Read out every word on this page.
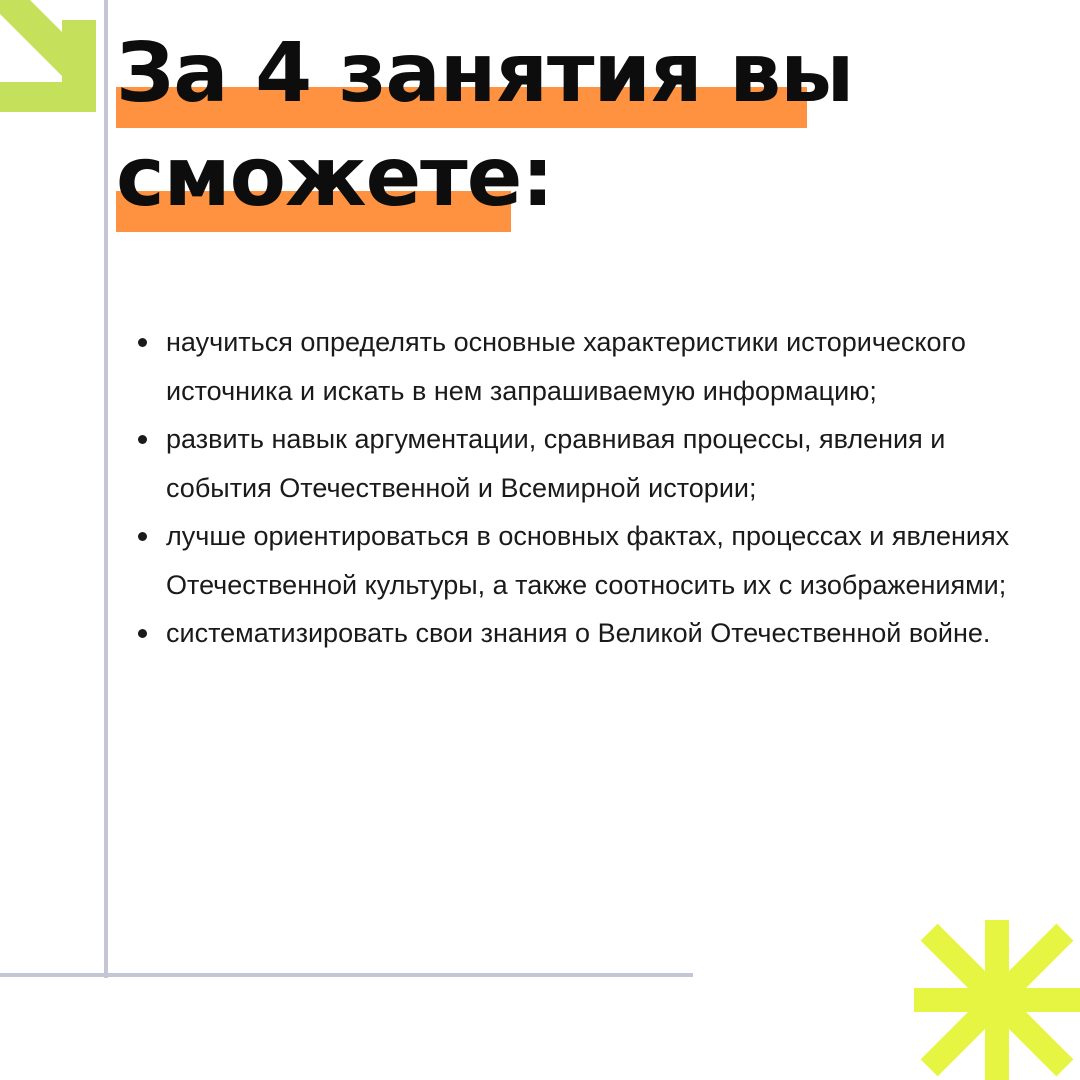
За 4 занятия вы
сможете:
научиться определять основные характеристики исторического источника и искать в нем запрашиваемую информацию;
развить навык аргументации, сравнивая процессы, явления и события Отечественной и Всемирной истории;
лучше ориентироваться в основных фактах, процессах и явлениях Отечественной культуры, а также соотносить их с изображениями;
систематизировать свои знания о Великой Отечественной войне.
